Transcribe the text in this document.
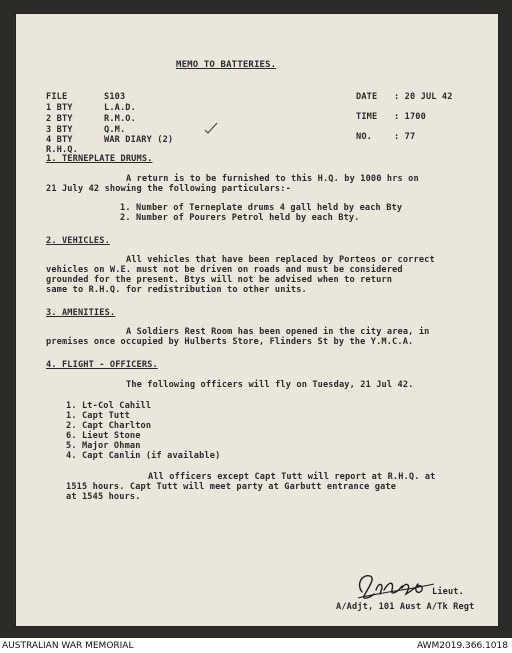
MEMO TO BATTERIES.
FILE	S103
1 BTY	L.A.D.
2 BTY	R.M.O.
3 BTY	Q.M.
4 BTY	WAR DIARY (2)
R.H.Q.
DATE : 20 JUL 42
TIME : 1700
NO.	: 77
1. TERNEPLATE DRUMS.
A return is to be furnished to this H.Q. by 1000 hrs on
21 July 42 showing the following particulars:-
1. Number of Terneplate drums 4 gall held by each Bty
2. Number of Pourers Petrol held by each Bty.
2. VEHICLES.
All vehicles that have been replaced by Porteos or correct
vehicles on W.E. must not be driven on roads and must be considered
grounded for the present. Btys will not be advised when to return
same to R.H.Q. for redistribution to other units.
3. AMENITIES.
A Soldiers Rest Room has been opened in the city area, in
premises once occupied by Hulberts Store, Flinders St by the Y.M.C.A.
4. FLIGHT - OFFICERS.
The following officers will fly on Tuesday, 21 Jul 42.
1. Lt-Col Cahill
1. Capt Tutt
2. Capt Charlton
6. Lieut Stone
5. Major Ohman
4. Capt Canlin (if available)
All officers except Capt Tutt will report at R.H.Q. at
1515 hours. Capt Tutt will meet party at Garbutt entrance gate
at 1545 hours.
Lieut.
A/Adjt, 101 Aust A/Tk Regt
AUSTRALIAN WAR MEMORIAL	AWM2019.366.1018
